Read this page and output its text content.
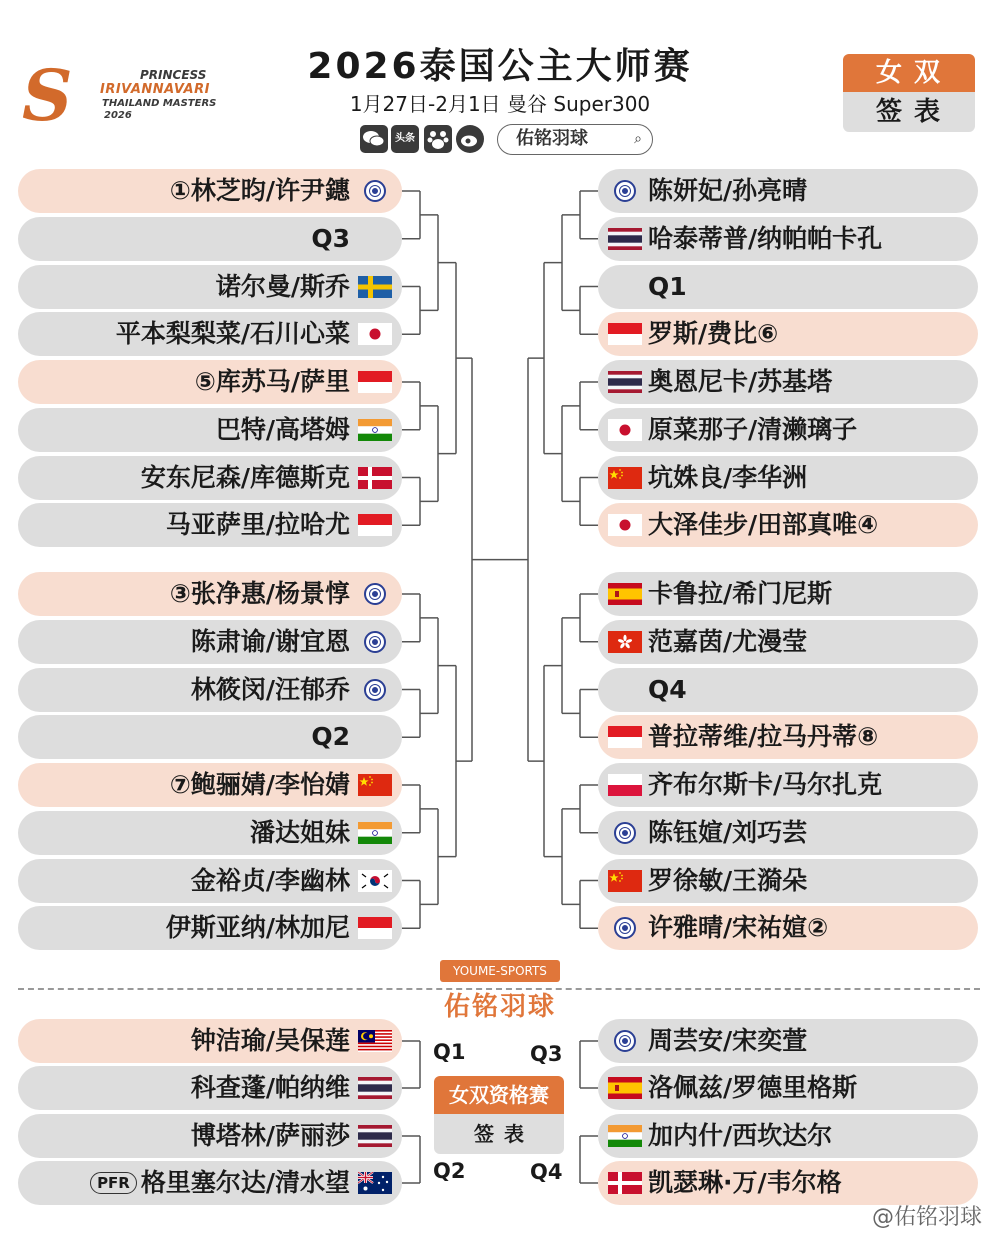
S	PRINCESS
IRIVANNAVARI
THAILAND MASTERS
2026
2026泰国公主大师赛
1月27日-2月1日 曼谷 Super300
女双
签表
头条	佑铭羽球	⌕
①林芝昀/许尹鏸
Q3
诺尔曼/斯乔
平本梨梨菜/石川心菜
⑤库苏马/萨里
巴特/高塔姆
安东尼森/库德斯克
马亚萨里/拉哈尤
③张净惠/杨景惇
陈肃谕/谢宜恩
林筱闵/汪郁乔
Q2
⑦鲍骊婧/李怡婧
潘达姐妹
金裕贞/李幽林
伊斯亚纳/林加尼
陈妍妃/孙亮晴
哈泰蒂普/纳帕帕卡孔
Q1
罗斯/费比⑥
奥恩尼卡/苏基塔
原菜那子/清濑璃子
坑姝良/李华洲
大泽佳步/田部真唯④
卡鲁拉/希门尼斯
范嘉茵/尤漫莹
Q4
普拉蒂维/拉马丹蒂⑧
齐布尔斯卡/马尔扎克
陈钰媗/刘巧芸
罗徐敏/王漪朵
许雅晴/宋祐媗②
钟洁瑜/吴保莲
科查蓬/帕纳维
博塔林/萨丽莎
PFR 格里塞尔达/清水望
周芸安/宋奕萱
洛佩兹/罗德里格斯
加内什/西坎达尔
凯瑟琳·万/韦尔格
YOUME-SPORTS
佑铭羽球
Q1
Q2
Q3
Q4
女双资格赛
签表
@佑铭羽球
